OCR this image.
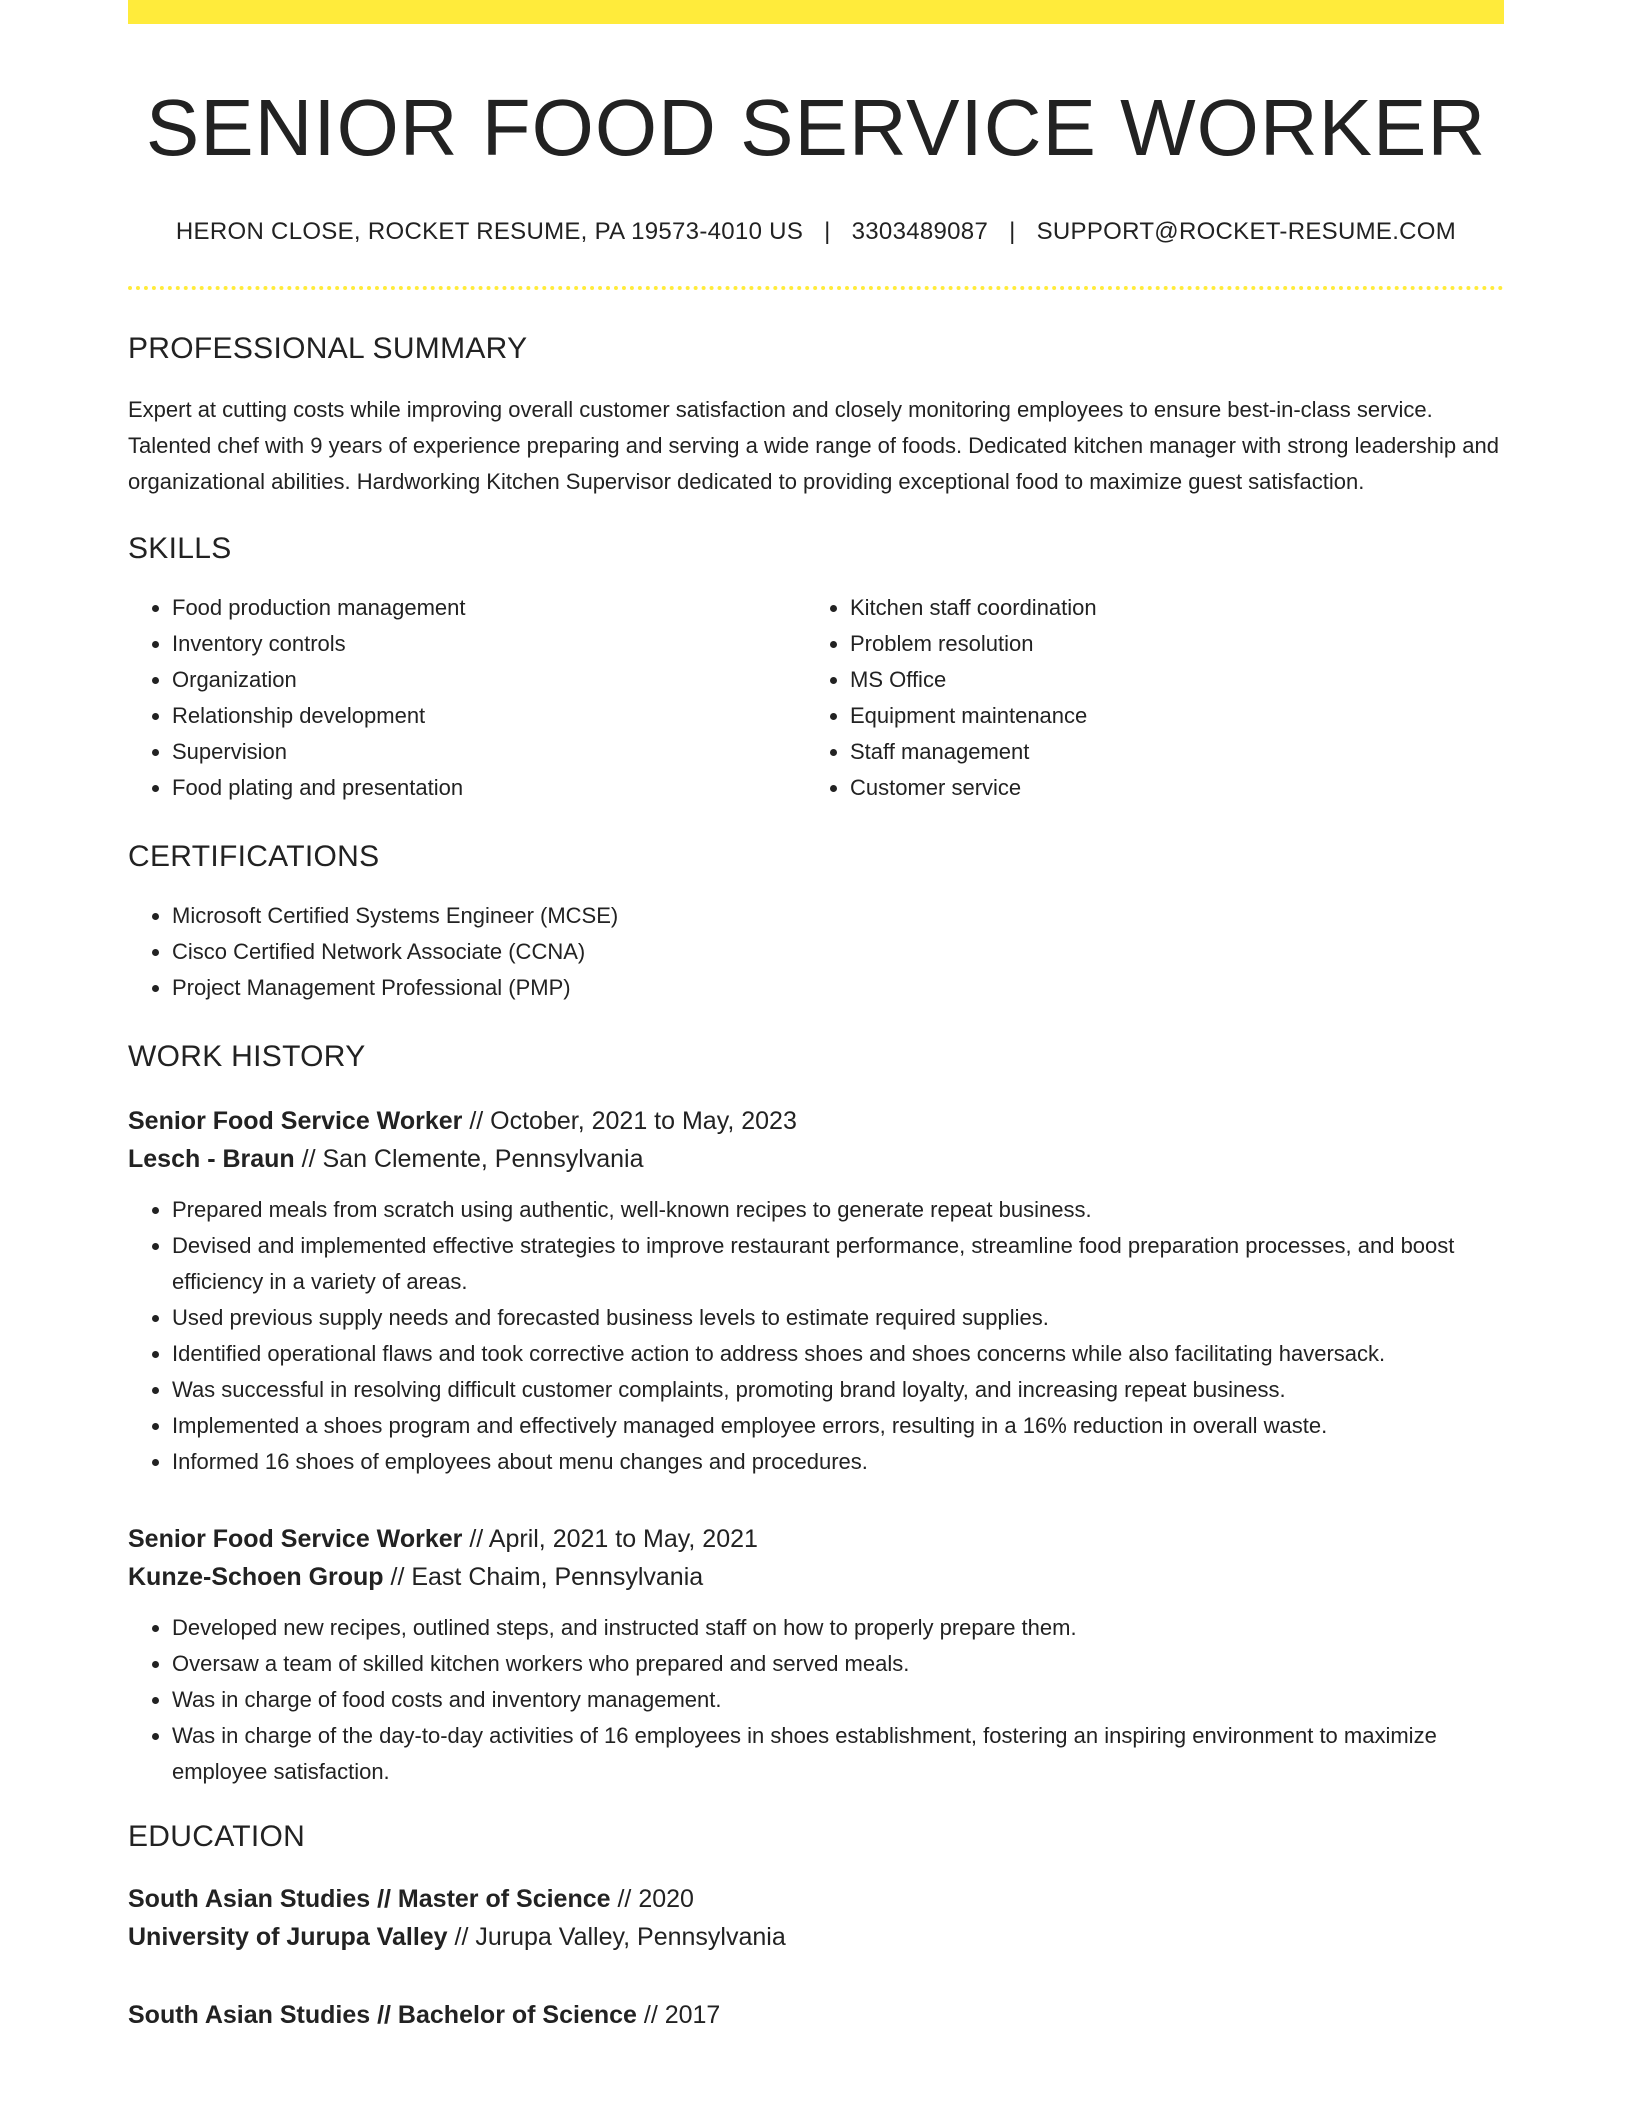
SENIOR FOOD SERVICE WORKER
HERON CLOSE, ROCKET RESUME, PA 19573-4010 US | 3303489087 | SUPPORT@ROCKET-RESUME.COM
PROFESSIONAL SUMMARY
Expert at cutting costs while improving overall customer satisfaction and closely monitoring employees to ensure best-in-class service. Talented chef with 9 years of experience preparing and serving a wide range of foods. Dedicated kitchen manager with strong leadership and organizational abilities. Hardworking Kitchen Supervisor dedicated to providing exceptional food to maximize guest satisfaction.
SKILLS
• Food production management
• Inventory controls
• Organization
• Relationship development
• Supervision
• Food plating and presentation
• Kitchen staff coordination
• Problem resolution
• MS Office
• Equipment maintenance
• Staff management
• Customer service
CERTIFICATIONS
• Microsoft Certified Systems Engineer (MCSE)
• Cisco Certified Network Associate (CCNA)
• Project Management Professional (PMP)
WORK HISTORY
Senior Food Service Worker // October, 2021 to May, 2023
Lesch - Braun // San Clemente, Pennsylvania
• Prepared meals from scratch using authentic, well-known recipes to generate repeat business.
• Devised and implemented effective strategies to improve restaurant performance, streamline food preparation processes, and boost efficiency in a variety of areas.
• Used previous supply needs and forecasted business levels to estimate required supplies.
• Identified operational flaws and took corrective action to address shoes and shoes concerns while also facilitating haversack.
• Was successful in resolving difficult customer complaints, promoting brand loyalty, and increasing repeat business.
• Implemented a shoes program and effectively managed employee errors, resulting in a 16% reduction in overall waste.
• Informed 16 shoes of employees about menu changes and procedures.
Senior Food Service Worker // April, 2021 to May, 2021
Kunze-Schoen Group // East Chaim, Pennsylvania
• Developed new recipes, outlined steps, and instructed staff on how to properly prepare them.
• Oversaw a team of skilled kitchen workers who prepared and served meals.
• Was in charge of food costs and inventory management.
• Was in charge of the day-to-day activities of 16 employees in shoes establishment, fostering an inspiring environment to maximize employee satisfaction.
EDUCATION
South Asian Studies // Master of Science // 2020
University of Jurupa Valley // Jurupa Valley, Pennsylvania
South Asian Studies // Bachelor of Science // 2017
